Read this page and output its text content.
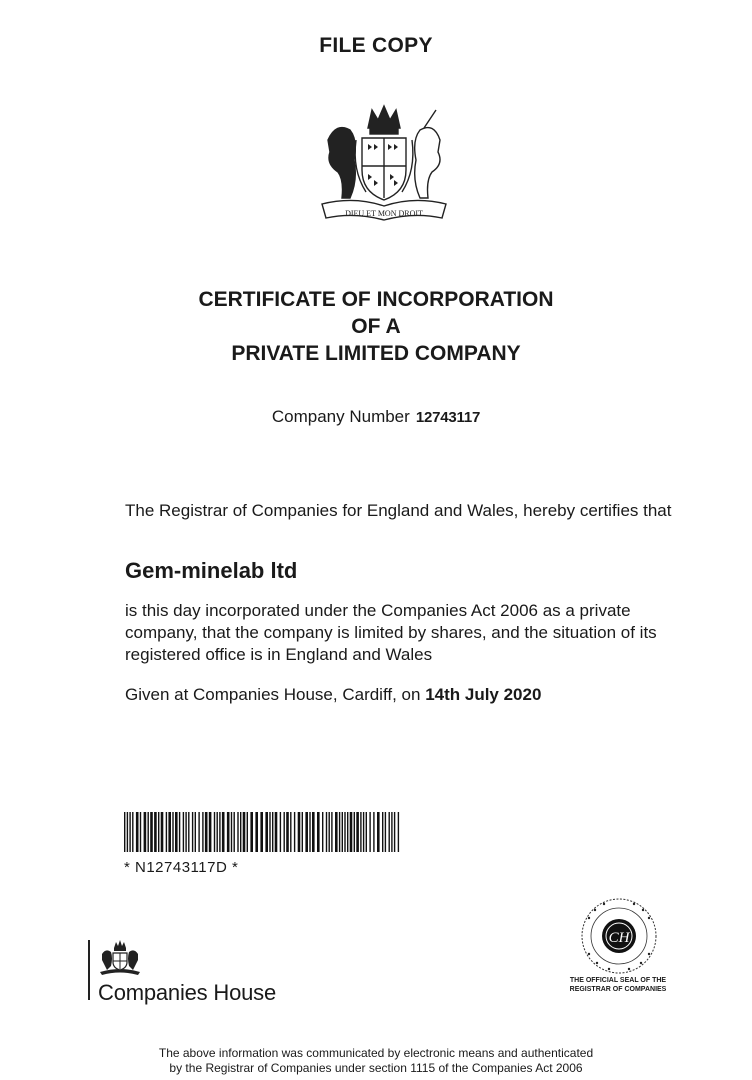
FILE COPY
DIEU ET MON DROIT
CERTIFICATE OF INCORPORATION
OF A
PRIVATE LIMITED COMPANY
Company Number 12743117
The Registrar of Companies for England and Wales, hereby certifies that
Gem-minelab ltd
is this day incorporated under the Companies Act 2006 as a private company, that the company is limited by shares, and the situation of its registered office is in England and Wales
Given at Companies House, Cardiff, on 14th July 2020
* N12743117D *
Companies House
CH
THE OFFICIAL SEAL OF THE
REGISTRAR OF COMPANIES
The above information was communicated by electronic means and authenticated
by the Registrar of Companies under section 1115 of the Companies Act 2006
